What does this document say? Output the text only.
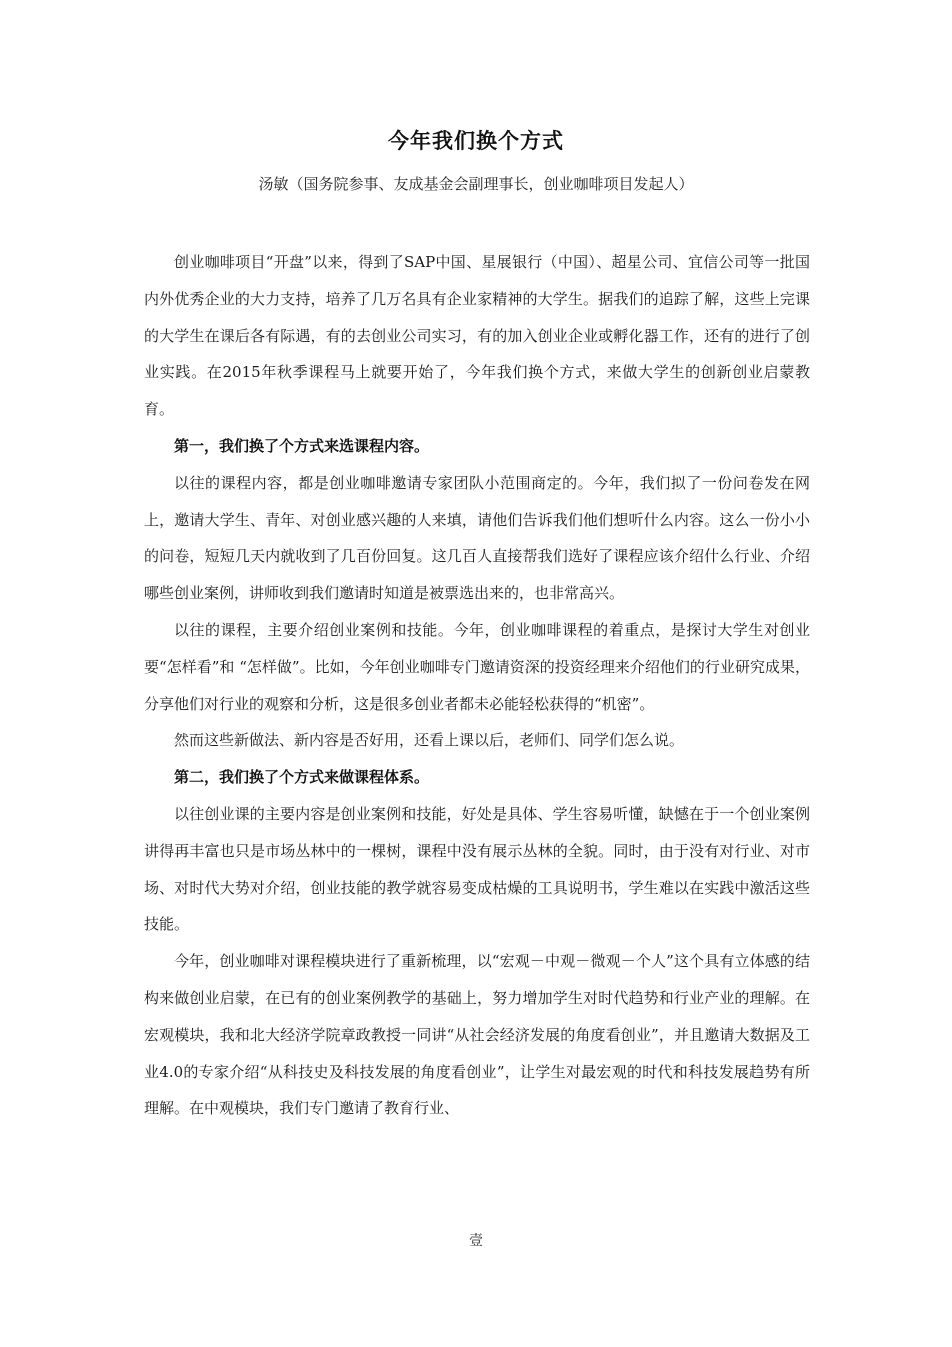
今年我们换个方式
汤敏（国务院参事、友成基金会副理事长，创业咖啡项目发起人）

创业咖啡项目“开盘”以来，得到了SAP中国、星展银行（中国）、超星公司、宜信公司等一批国内外优秀企业的大力支持，培养了几万名具有企业家精神的大学生。据我们的追踪了解，这些上完课的大学生在课后各有际遇，有的去创业公司实习，有的加入创业企业或孵化器工作，还有的进行了创业实践。在2015年秋季课程马上就要开始了，今年我们换个方式，来做大学生的创新创业启蒙教育。

第一，我们换了个方式来选课程内容。

以往的课程内容，都是创业咖啡邀请专家团队小范围商定的。今年，我们拟了一份问卷发在网上，邀请大学生、青年、对创业感兴趣的人来填，请他们告诉我们他们想听什么内容。这么一份小小的问卷，短短几天内就收到了几百份回复。这几百人直接帮我们选好了课程应该介绍什么行业、介绍哪些创业案例，讲师收到我们邀请时知道是被票选出来的，也非常高兴。

以往的课程，主要介绍创业案例和技能。今年，创业咖啡课程的着重点，是探讨大学生对创业要“怎样看”和 “怎样做”。比如，今年创业咖啡专门邀请资深的投资经理来介绍他们的行业研究成果，分享他们对行业的观察和分析，这是很多创业者都未必能轻松获得的“机密”。

然而这些新做法、新内容是否好用，还看上课以后，老师们、同学们怎么说。

第二，我们换了个方式来做课程体系。

以往创业课的主要内容是创业案例和技能，好处是具体、学生容易听懂，缺憾在于一个创业案例讲得再丰富也只是市场丛林中的一棵树，课程中没有展示丛林的全貌。同时，由于没有对行业、对市场、对时代大势对介绍，创业技能的教学就容易变成枯燥的工具说明书，学生难以在实践中激活这些技能。

今年，创业咖啡对课程模块进行了重新梳理，以“宏观－中观－微观－个人”这个具有立体感的结构来做创业启蒙，在已有的创业案例教学的基础上，努力增加学生对时代趋势和行业产业的理解。在宏观模块，我和北大经济学院章政教授一同讲“从社会经济发展的角度看创业”，并且邀请大数据及工业4.0的专家介绍“从科技史及科技发展的角度看创业”，让学生对最宏观的时代和科技发展趋势有所理解。在中观模块，我们专门邀请了教育行业、

壹
